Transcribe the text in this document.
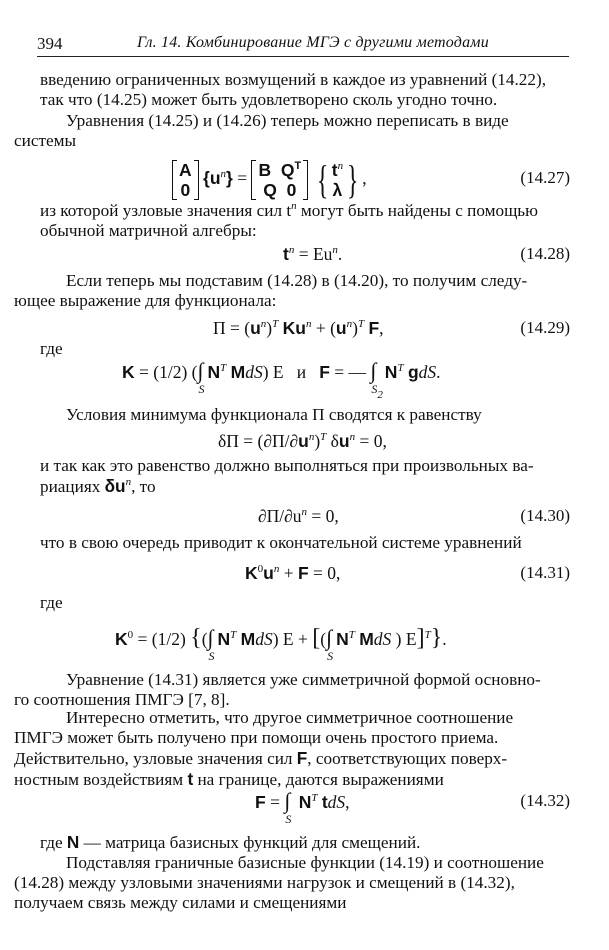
394	Гл. 14. Комбинирование МГЭ с другими методами

введению ограниченных возмущений в каждое из уравнений (14.22),
так что (14.25) может быть удовлетворено сколь угодно точно.

Уравнения (14.25) и (14.26) теперь можно переписать в виде
системы

A
0
$\{u^n\} = B$  $Q^T$
Q  0 { $t^n$
λ } ,	(14.27)

из которой узловые значения сил $t^n$ могут быть найдены с помощью
обычной матричной алгебры:

$t^n = Eu^n$.	(14.28)

Если теперь мы подставим (14.28) в (14.20), то получим следу-
ющее выражение для функционала:

$П = (u^n)^T$ $Ku^n + (u^n)^T$ F,	(14.29)
где
K = (1/2) (∫
S
$N^T$ MdS) E   и   F = — ∫
$S_2$
$N^T$ gdS.

Условия минимума функционала П сводятся к равенству

$\delta П = (\partial П/\partial u^n)^T$ $\delta u^n = 0$,

и так как это равенство должно выполняться при произвольных ва-
риациях $\delta u^n$, то

$\partial П/\partial u^n = 0$,	(14.30)

что в свою очередь приводит к окончательной системе уравнений

$K^0u^n + F = 0$,	(14.31)
где
$K^0 = (1/2)$ {(∫
S
$N^T$ MdS) E + [(∫
S
$N^T$ MdS ) E]$^T$}.

Уравнение (14.31) является уже симметричной формой основно-
го соотношения ПМГЭ [7, 8].

Интересно отметить, что другое симметричное соотношение
ПМГЭ может быть получено при помощи очень простого приема.
Действительно, узловые значения сил F, соответствующих поверх-
ностным воздействиям t на границе, даются выражениями

F = ∫
S
$N^T$ tdS,	(14.32)

где N — матрица базисных функций для смещений.

Подставляя граничные базисные функции (14.19) и соотношение
(14.28) между узловыми значениями нагрузок и смещений в (14.32),
получаем связь между силами и смещениями
